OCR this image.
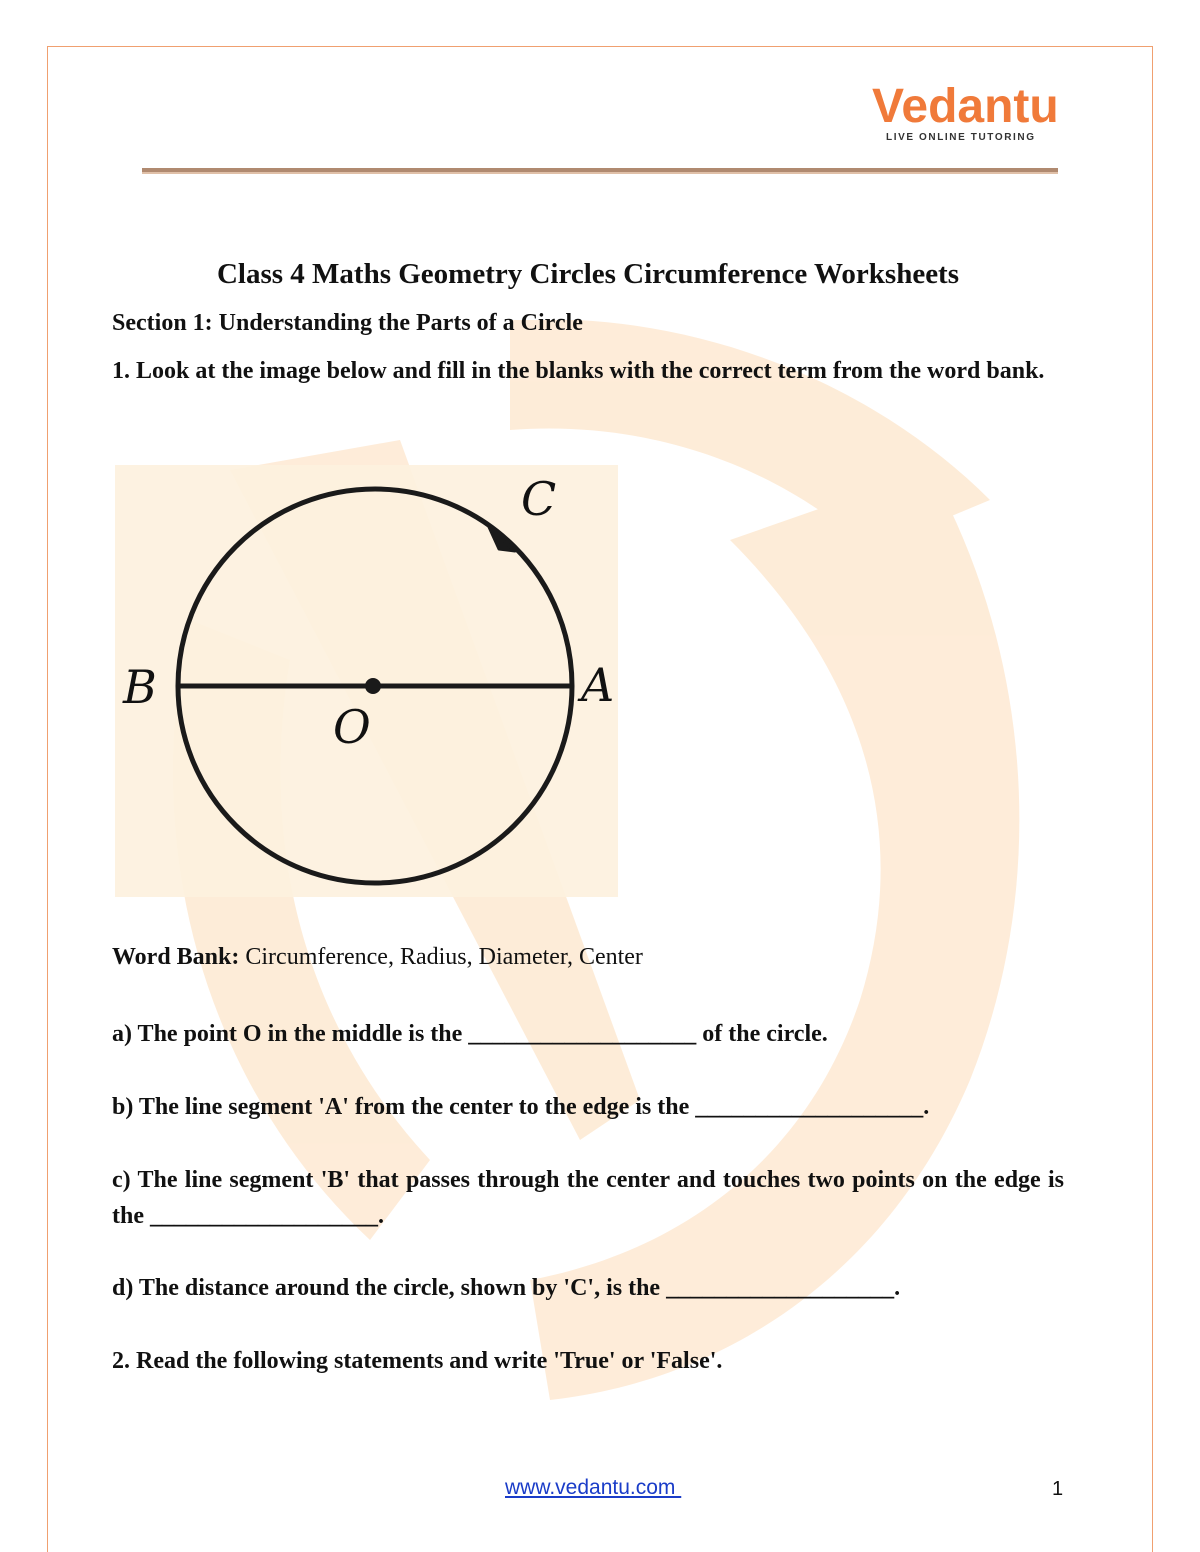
Vedantu
LIVE ONLINE TUTORING
Class 4 Maths Geometry Circles Circumference Worksheets
Section 1: Understanding the Parts of a Circle
1. Look at the image below and fill in the blanks with the correct term from the word bank.
C
B	A
O
Word Bank: Circumference, Radius, Diameter, Center
a) The point O in the middle is the ___________________ of the circle.
b) The line segment 'A' from the center to the edge is the ___________________.
c) The line segment 'B' that passes through the center and touches two points on the edge is the ___________________.
d) The distance around the circle, shown by 'C', is the ___________________.
2. Read the following statements and write 'True' or 'False'.
www.vedantu.com	1
